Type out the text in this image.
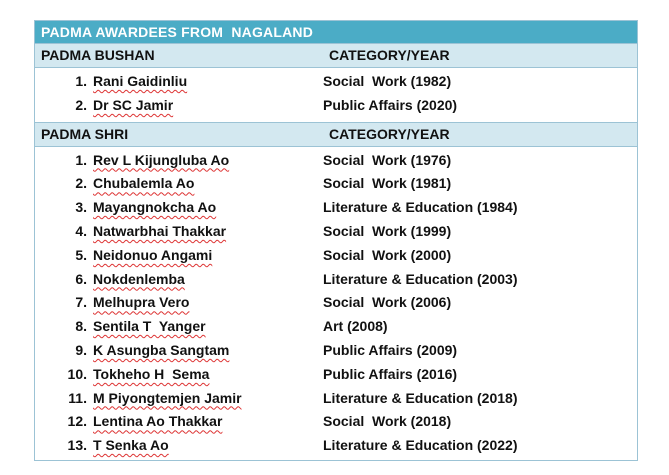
PADMA AWARDEES FROM  NAGALAND
PADMA BUSHAN	CATEGORY/YEAR
1. Rani Gaidinliu	Social  Work (1982)
2. Dr SC Jamir	Public Affairs (2020)
PADMA SHRI	CATEGORY/YEAR
1. Rev L Kijungluba Ao	Social  Work (1976)
2. Chubalemla Ao	Social  Work (1981)
3. Mayangnokcha Ao	Literature & Education (1984)
4. Natwarbhai Thakkar	Social  Work (1999)
5. Neidonuo Angami	Social  Work (2000)
6. Nokdenlemba	Literature & Education (2003)
7. Melhupra Vero	Social  Work (2006)
8. Sentila T  Yanger	Art (2008)
9. K Asungba Sangtam	Public Affairs (2009)
10. Tokheho H  Sema	Public Affairs (2016)
11. M Piyongtemjen Jamir	Literature & Education (2018)
12. Lentina Ao Thakkar	Social  Work (2018)
13. T Senka Ao	Literature & Education (2022)
